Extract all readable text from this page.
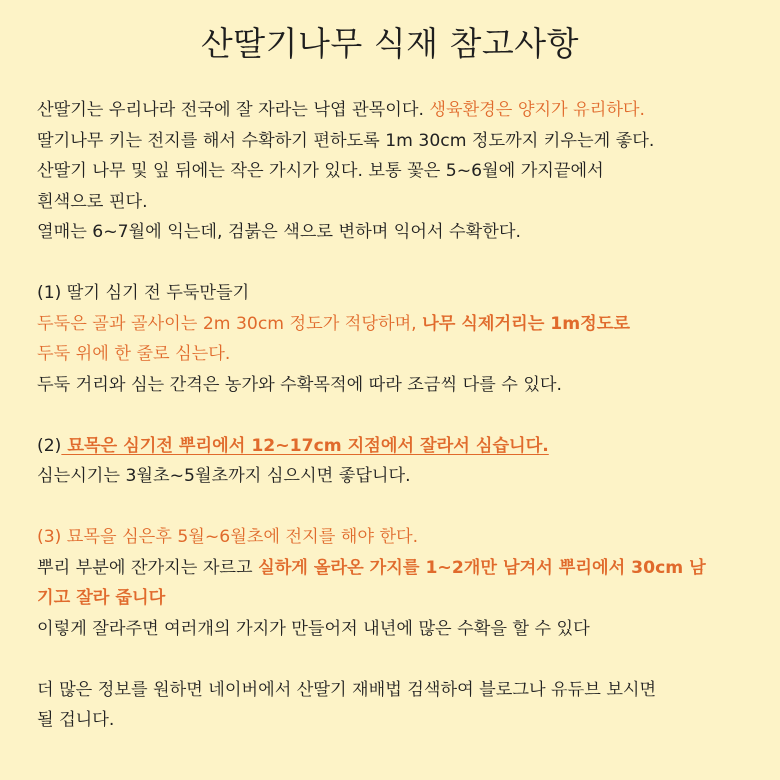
산딸기나무 식재 참고사항
산딸기는 우리나라 전국에 잘 자라는 낙엽 관목이다. 생육환경은 양지가 유리하다.
딸기나무 키는 전지를 해서 수확하기 편하도록 1m 30cm 정도까지 키우는게 좋다.
산딸기 나무 및 잎 뒤에는 작은 가시가 있다. 보통 꽃은 5~6월에 가지끝에서
흰색으로 핀다.
열매는 6~7월에 익는데, 검붉은 색으로 변하며 익어서 수확한다.
(1) 딸기 심기 전 두둑만들기
두둑은 골과 골사이는 2m 30cm 정도가 적당하며, 나무 식제거리는 1m정도로
두둑 위에 한 줄로 심는다.
두둑 거리와 심는 간격은 농가와 수확목적에 따라 조금씩 다를 수 있다.
(2) 묘목은 심기전 뿌리에서 12~17cm 지점에서 잘라서 심습니다.
심는시기는 3월초~5월초까지 심으시면 좋답니다.
(3) 묘목을 심은후 5월~6월초에 전지를 해야 한다.
뿌리 부분에 잔가지는 자르고 실하게 올라온 가지를 1~2개만 남겨서 뿌리에서 30cm 남
기고 잘라 줍니다
이렇게 잘라주면 여러개의 가지가 만들어저 내년에 많은 수확을 할 수 있다
더 많은 정보를 원하면 네이버에서 산딸기 재배법 검색하여 블로그나 유듀브 보시면
될 겁니다.
